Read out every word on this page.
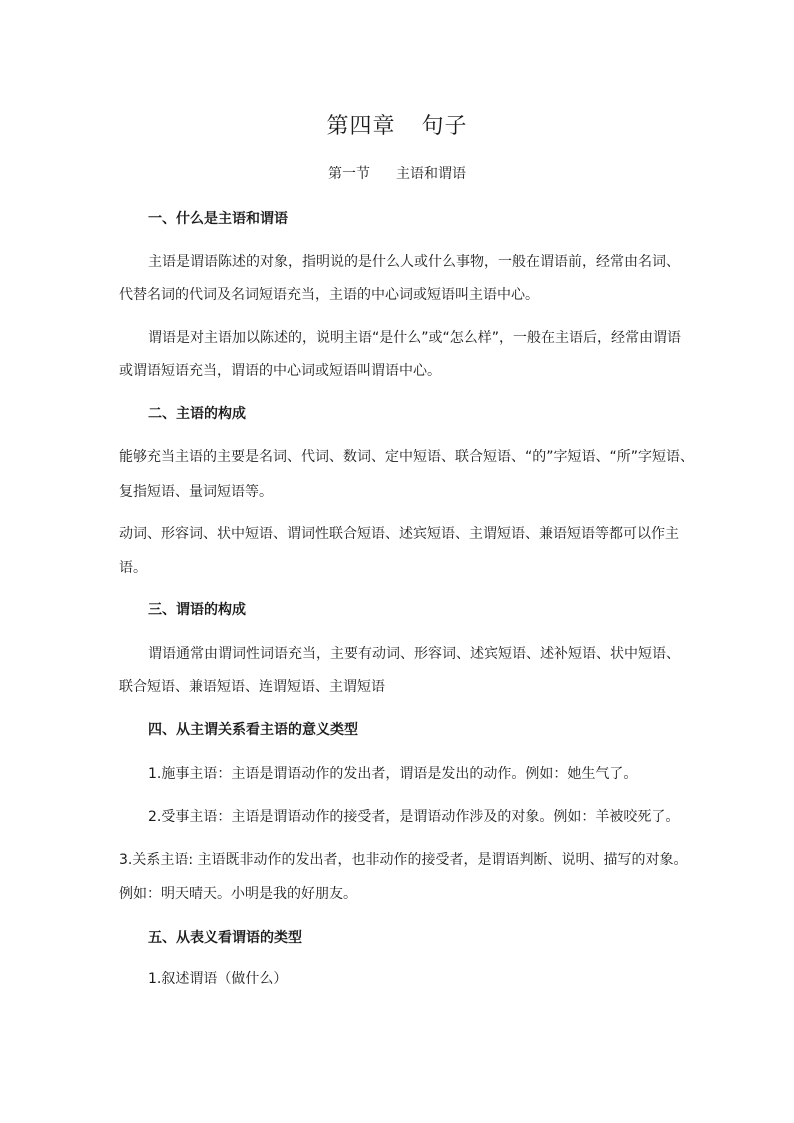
第四章 句子
第一节 主语和谓语
一、什么是主语和谓语
主语是谓语陈述的对象，指明说的是什么人或什么事物，一般在谓语前，经常由名词、
代替名词的代词及名词短语充当，主语的中心词或短语叫主语中心。
谓语是对主语加以陈述的，说明主语“是什么”或“怎么样”，一般在主语后，经常由谓语
或谓语短语充当，谓语的中心词或短语叫谓语中心。
二、主语的构成
能够充当主语的主要是名词、代词、数词、定中短语、联合短语、“的”字短语、“所”字短语、
复指短语、量词短语等。
动词、形容词、状中短语、谓词性联合短语、述宾短语、主谓短语、兼语短语等都可以作主
语。
三、谓语的构成
谓语通常由谓词性词语充当，主要有动词、形容词、述宾短语、述补短语、状中短语、
联合短语、兼语短语、连谓短语、主谓短语
四、从主谓关系看主语的意义类型
1.施事主语：主语是谓语动作的发出者，谓语是发出的动作。例如：她生气了。
2.受事主语：主语是谓语动作的接受者，是谓语动作涉及的对象。例如：羊被咬死了。
3.关系主语: 主语既非动作的发出者，也非动作的接受者，是谓语判断、说明、描写的对象。
例如：明天晴天。小明是我的好朋友。
五、从表义看谓语的类型
1.叙述谓语（做什么）
